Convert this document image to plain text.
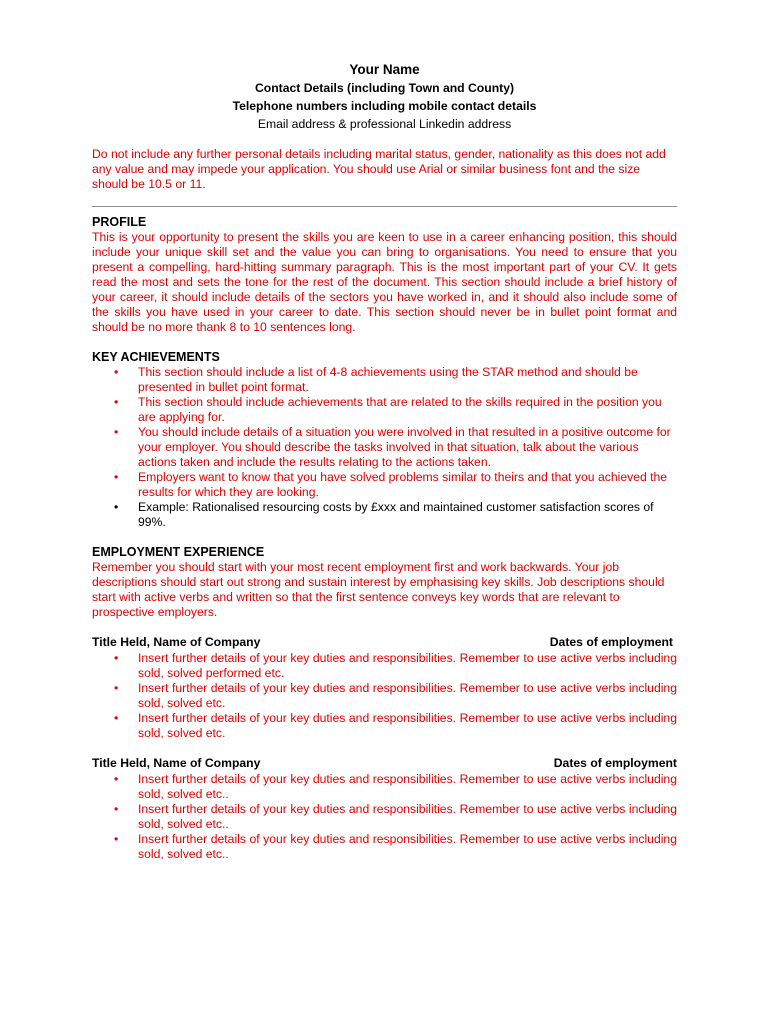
Your Name
Contact Details (including Town and County)
Telephone numbers including mobile contact details
Email address & professional Linkedin address
Do not include any further personal details including marital status, gender, nationality as this does not add any value and may impede your application. You should use Arial or similar business font and the size should be 10.5 or 11.
PROFILE
This is your opportunity to present the skills you are keen to use in a career enhancing position, this should include your unique skill set and the value you can bring to organisations. You need to ensure that you present a compelling, hard-hitting summary paragraph. This is the most important part of your CV. It gets read the most and sets the tone for the rest of the document. This section should include a brief history of your career, it should include details of the sectors you have worked in, and it should also include some of the skills you have used in your career to date. This section should never be in bullet point format and should be no more thank 8 to 10 sentences long.
KEY ACHIEVEMENTS
• This section should include a list of 4-8 achievements using the STAR method and should be presented in bullet point format.
• This section should include achievements that are related to the skills required in the position you are applying for.
• You should include details of a situation you were involved in that resulted in a positive outcome for your employer. You should describe the tasks involved in that situation, talk about the various actions taken and include the results relating to the actions taken.
• Employers want to know that you have solved problems similar to theirs and that you achieved the results for which they are looking.
• Example: Rationalised resourcing costs by £xxx and maintained customer satisfaction scores of 99%.
EMPLOYMENT EXPERIENCE
Remember you should start with your most recent employment first and work backwards. Your job descriptions should start out strong and sustain interest by emphasising key skills. Job descriptions should start with active verbs and written so that the first sentence conveys key words that are relevant to prospective employers.
Title Held, Name of Company	Dates of employment
• Insert further details of your key duties and responsibilities. Remember to use active verbs including sold, solved performed etc.
• Insert further details of your key duties and responsibilities. Remember to use active verbs including sold, solved etc.
• Insert further details of your key duties and responsibilities. Remember to use active verbs including sold, solved etc.
Title Held, Name of Company	Dates of employment
• Insert further details of your key duties and responsibilities. Remember to use active verbs including sold, solved etc..
• Insert further details of your key duties and responsibilities. Remember to use active verbs including sold, solved etc..
• Insert further details of your key duties and responsibilities. Remember to use active verbs including sold, solved etc..
